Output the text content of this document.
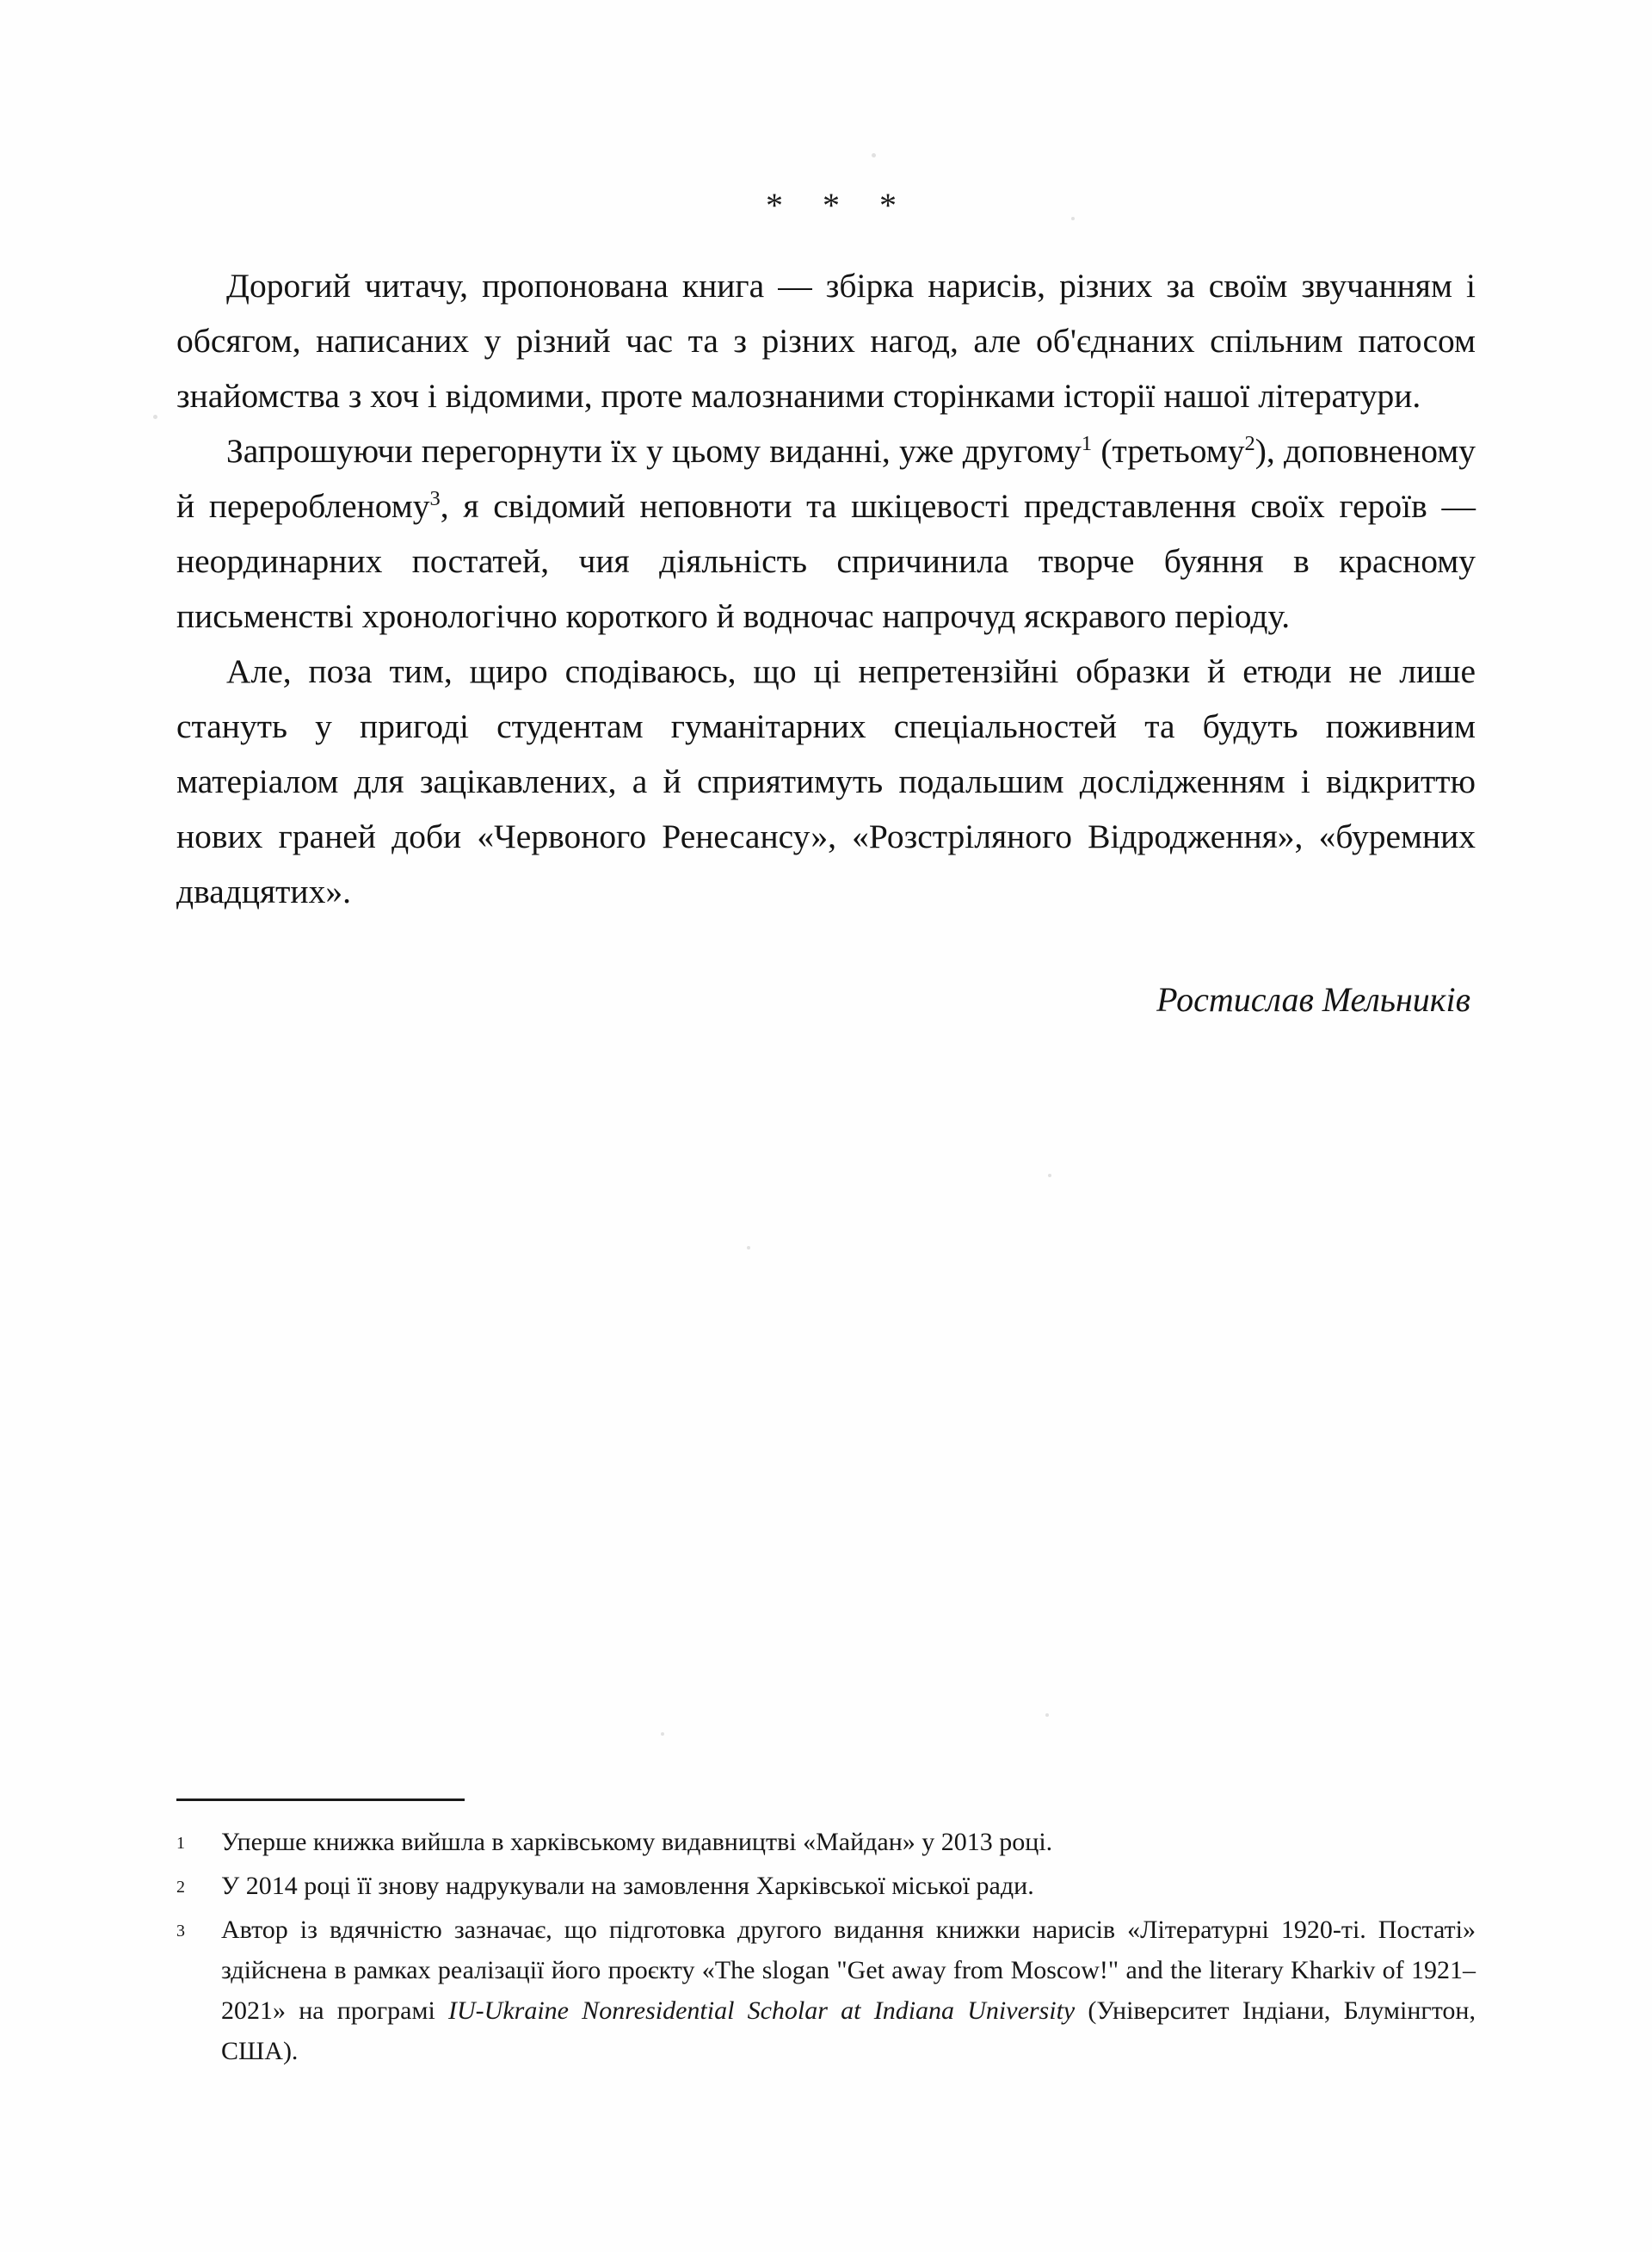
* * *

Дорогий читачу, пропонована книга — збірка нарисів, різних за своїм звучанням і обсягом, написаних у різний час та з різних нагод, але об'єднаних спільним патосом знайомства з хоч і відомими, проте малознаними сторінками історії нашої літератури.

Запрошуючи перегорнути їх у цьому виданні, уже другому$^1$ (третьому$^2$), доповненому й переробленому$^3$, я свідомий неповноти та шкіцевості представлення своїх героїв — неординарних постатей, чия діяльність спричинила творче буяння в красному письменстві хронологічно короткого й водночас напрочуд яскравого періоду.

Але, поза тим, щиро сподіваюсь, що ці непретензійні образки й етюди не лише стануть у пригоді студентам гуманітарних спеціальностей та будуть поживним матеріалом для зацікавлених, а й сприятимуть подальшим дослідженням і відкриттю нових граней доби «Червоного Ренесансу», «Розстріляного Відродження», «буремних двадцятих».

Ростислав Мельників
1	Уперше книжка вийшла в харківському видавництві «Майдан» у 2013 році.
2	У 2014 році її знову надрукували на замовлення Харківської міської ради.
3	Автор із вдячністю зазначає, що підготовка другого видання книжки нарисів «Літературні 1920-ті. Постаті» здійснена в рамках реалізації його проєкту «The slogan "Get away from Moscow!" and the literary Kharkiv of 1921–2021» на програмі IU-Ukraine Nonresidential Scholar at Indiana University (Університет Індіани, Блумінгтон, США).
